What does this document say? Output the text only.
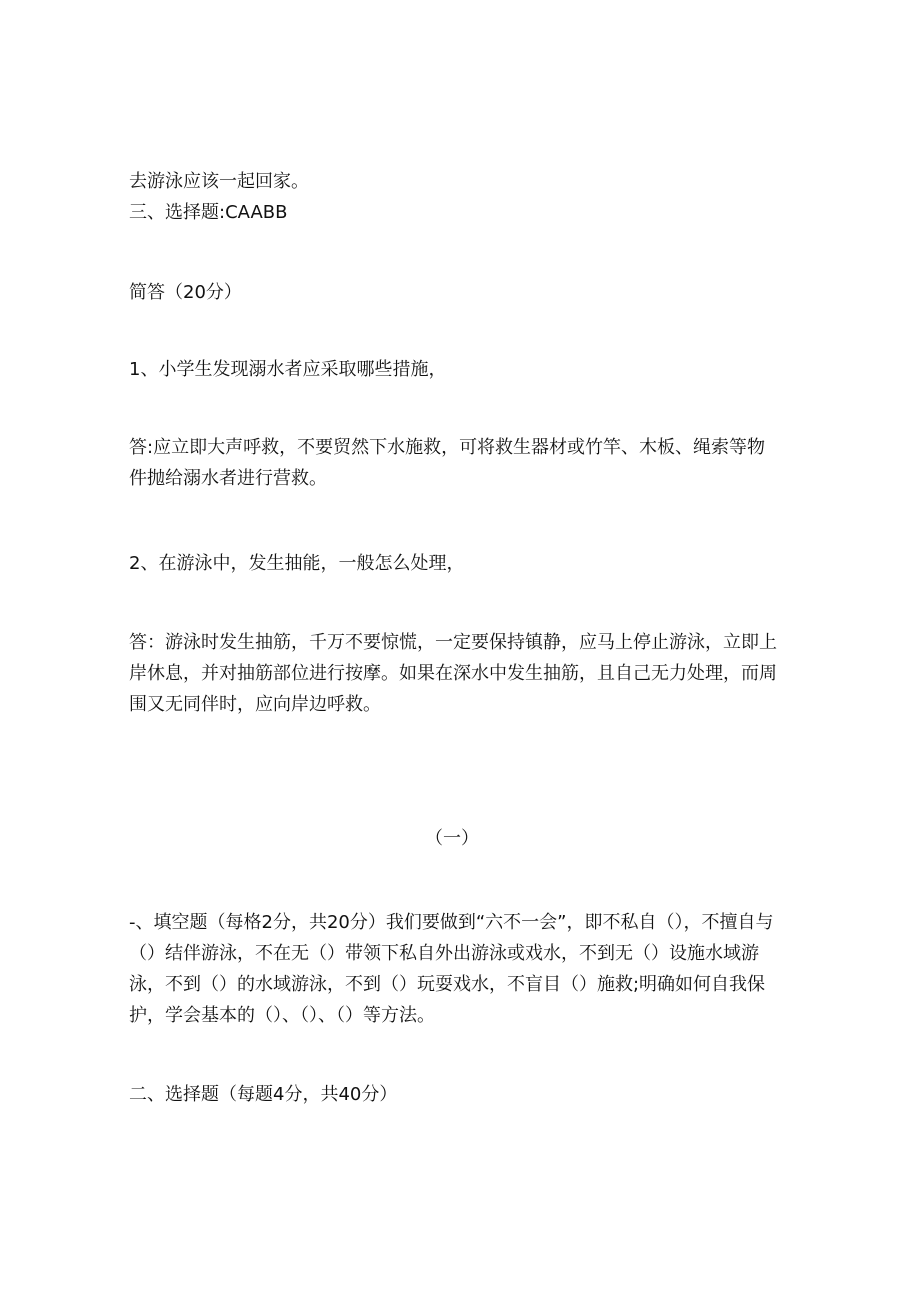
去游泳应该一起回家。

三、选择题:CAABB

简答（20分）

1、小学生发现溺水者应采取哪些措施，

答:应立即大声呼救，不要贸然下水施救，可将救生器材或竹竿、木板、绳索等物件抛给溺水者进行营救。

2、在游泳中，发生抽能，一般怎么处理，

答：游泳时发生抽筋，千万不要惊慌，一定要保持镇静，应马上停止游泳，立即上岸休息，并对抽筋部位进行按摩。如果在深水中发生抽筋，且自己无力处理，而周围又无同伴时，应向岸边呼救。

（一）

-、填空题（每格2分，共20分）我们要做到“六不一会”，即不私自（），不擅自与（）结伴游泳，不在无（）带领下私自外出游泳或戏水，不到无（）设施水域游泳，不到（）的水域游泳，不到（）玩耍戏水，不盲目（）施救;明确如何自我保护，学会基本的（）、（）、（）等方法。

二、选择题（每题4分，共40分）
